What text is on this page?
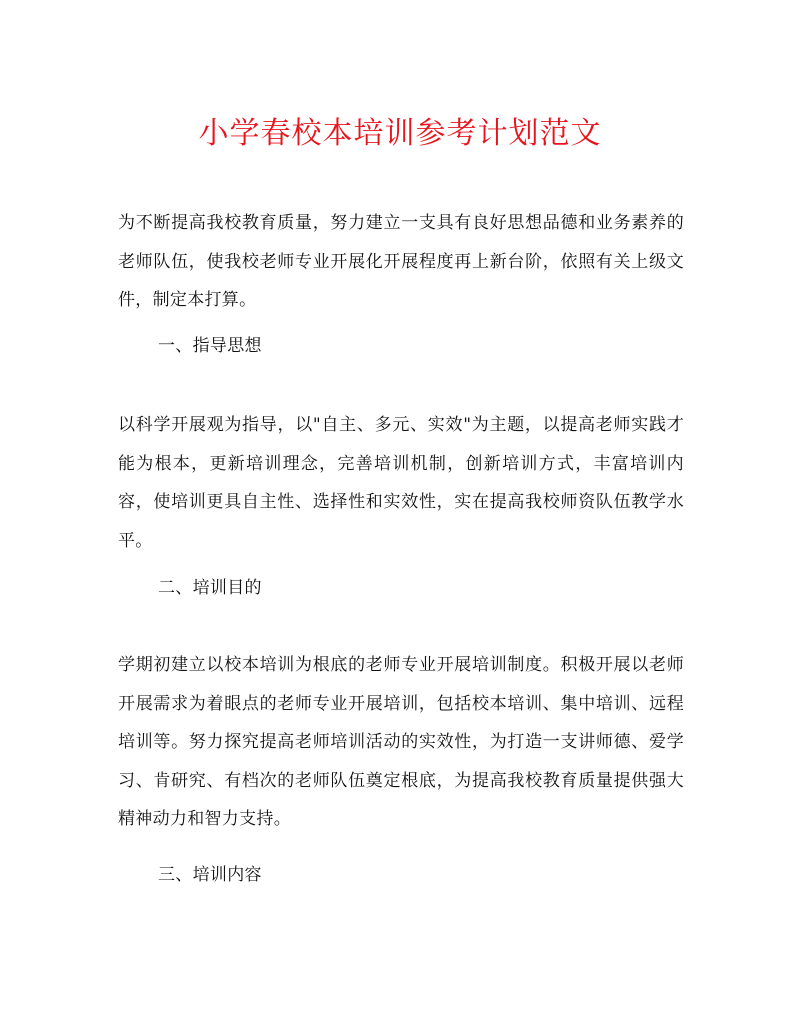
小学春校本培训参考计划范文

为不断提高我校教育质量，努力建立一支具有良好思想品德和业务素养的老师队伍，使我校老师专业开展化开展程度再上新台阶，依照有关上级文件，制定本打算。

一、指导思想

以科学开展观为指导，以"自主、多元、实效"为主题，以提高老师实践才能为根本，更新培训理念，完善培训机制，创新培训方式，丰富培训内容，使培训更具自主性、选择性和实效性，实在提高我校师资队伍教学水平。

二、培训目的

学期初建立以校本培训为根底的老师专业开展培训制度。积极开展以老师开展需求为着眼点的老师专业开展培训，包括校本培训、集中培训、远程培训等。努力探究提高老师培训活动的实效性，为打造一支讲师德、爱学习、肯研究、有档次的老师队伍奠定根底，为提高我校教育质量提供强大精神动力和智力支持。

三、培训内容
